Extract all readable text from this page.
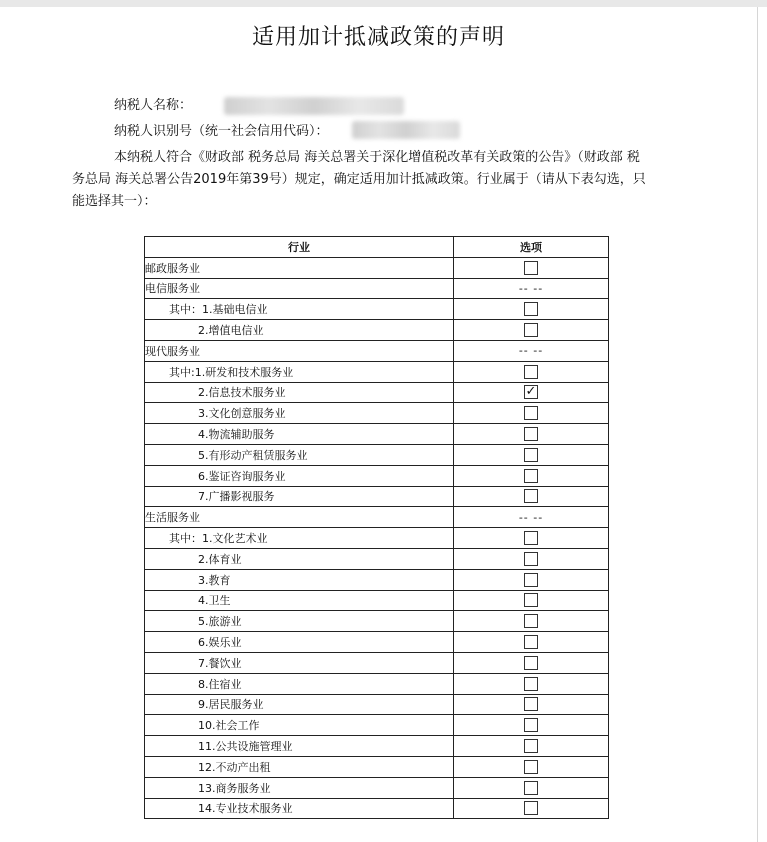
适用加计抵减政策的声明
纳税人名称：
纳税人识别号（统一社会信用代码）：
本纳税人符合《财政部 税务总局 海关总署关于深化增值税改革有关政策的公告》（财政部 税务总局 海关总署公告2019年第39号）规定，确定适用加计抵减政策。行业属于（请从下表勾选，只能选择其一）：
行业	选项
邮政服务业	
电信服务业	-- --
其中：1.基础电信业	
2.增值电信业	
现代服务业	-- --
其中:1.研发和技术服务业	
2.信息技术服务业	✓
3.文化创意服务业	
4.物流辅助服务	
5.有形动产租赁服务业	
6.鉴证咨询服务业	
7.广播影视服务	
生活服务业	-- --
其中：1.文化艺术业	
2.体育业	
3.教育	
4.卫生	
5.旅游业	
6.娱乐业	
7.餐饮业	
8.住宿业	
9.居民服务业	
10.社会工作	
11.公共设施管理业	
12.不动产出租	
13.商务服务业	
14.专业技术服务业	
